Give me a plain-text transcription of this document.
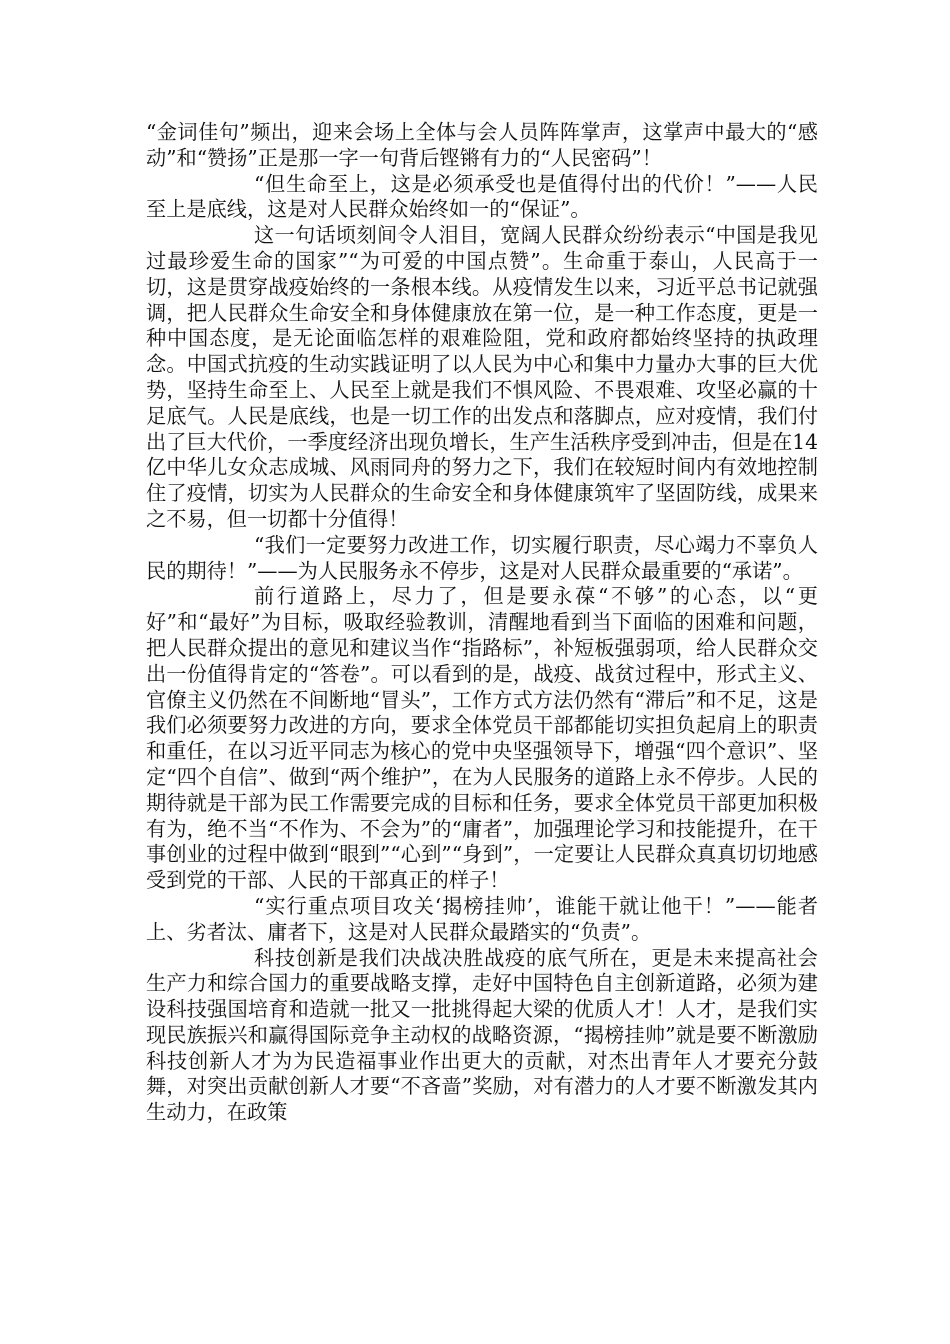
“金词佳句”频出，迎来会场上全体与会人员阵阵掌声，这掌声中最大的“感动”和“赞扬”正是那一字一句背后铿锵有力的“人民密码”！

“但生命至上，这是必须承受也是值得付出的代价！”——人民至上是底线，这是对人民群众始终如一的“保证”。

这一句话顷刻间令人泪目，宽阔人民群众纷纷表示“中国是我见过最珍爱生命的国家”“为可爱的中国点赞”。生命重于泰山，人民高于一切，这是贯穿战疫始终的一条根本线。从疫情发生以来，习近平总书记就强调，把人民群众生命安全和身体健康放在第一位，是一种工作态度，更是一种中国态度，是无论面临怎样的艰难险阻，党和政府都始终坚持的执政理念。中国式抗疫的生动实践证明了以人民为中心和集中力量办大事的巨大优势，坚持生命至上、人民至上就是我们不惧风险、不畏艰难、攻坚必赢的十足底气。人民是底线，也是一切工作的出发点和落脚点，应对疫情，我们付出了巨大代价，一季度经济出现负增长，生产生活秩序受到冲击，但是在14亿中华儿女众志成城、风雨同舟的努力之下，我们在较短时间内有效地控制住了疫情，切实为人民群众的生命安全和身体健康筑牢了坚固防线，成果来之不易，但一切都十分值得！

“我们一定要努力改进工作，切实履行职责，尽心竭力不辜负人民的期待！”——为人民服务永不停步，这是对人民群众最重要的“承诺”。

前行道路上，尽力了，但是要永葆“不够”的心态，以“更好”和“最好”为目标，吸取经验教训，清醒地看到当下面临的困难和问题，把人民群众提出的意见和建议当作“指路标”，补短板强弱项，给人民群众交出一份值得肯定的“答卷”。可以看到的是，战疫、战贫过程中，形式主义、官僚主义仍然在不间断地“冒头”，工作方式方法仍然有“滞后”和不足，这是我们必须要努力改进的方向，要求全体党员干部都能切实担负起肩上的职责和重任，在以习近平同志为核心的党中央坚强领导下，增强“四个意识”、坚定“四个自信”、做到“两个维护”，在为人民服务的道路上永不停步。人民的期待就是干部为民工作需要完成的目标和任务，要求全体党员干部更加积极有为，绝不当“不作为、不会为”的“庸者”，加强理论学习和技能提升，在干事创业的过程中做到“眼到”“心到”“身到”，一定要让人民群众真真切切地感受到党的干部、人民的干部真正的样子！

“实行重点项目攻关‘揭榜挂帅’，谁能干就让他干！”——能者上、劣者汰、庸者下，这是对人民群众最踏实的“负责”。

科技创新是我们决战决胜战疫的底气所在，更是未来提高社会生产力和综合国力的重要战略支撑，走好中国特色自主创新道路，必须为建设科技强国培育和造就一批又一批挑得起大梁的优质人才！人才，是我们实现民族振兴和赢得国际竞争主动权的战略资源，“揭榜挂帅”就是要不断激励科技创新人才为为民造福事业作出更大的贡献，对杰出青年人才要充分鼓舞，对突出贡献创新人才要“不吝啬”奖励，对有潜力的人才要不断激发其内生动力，在政策
